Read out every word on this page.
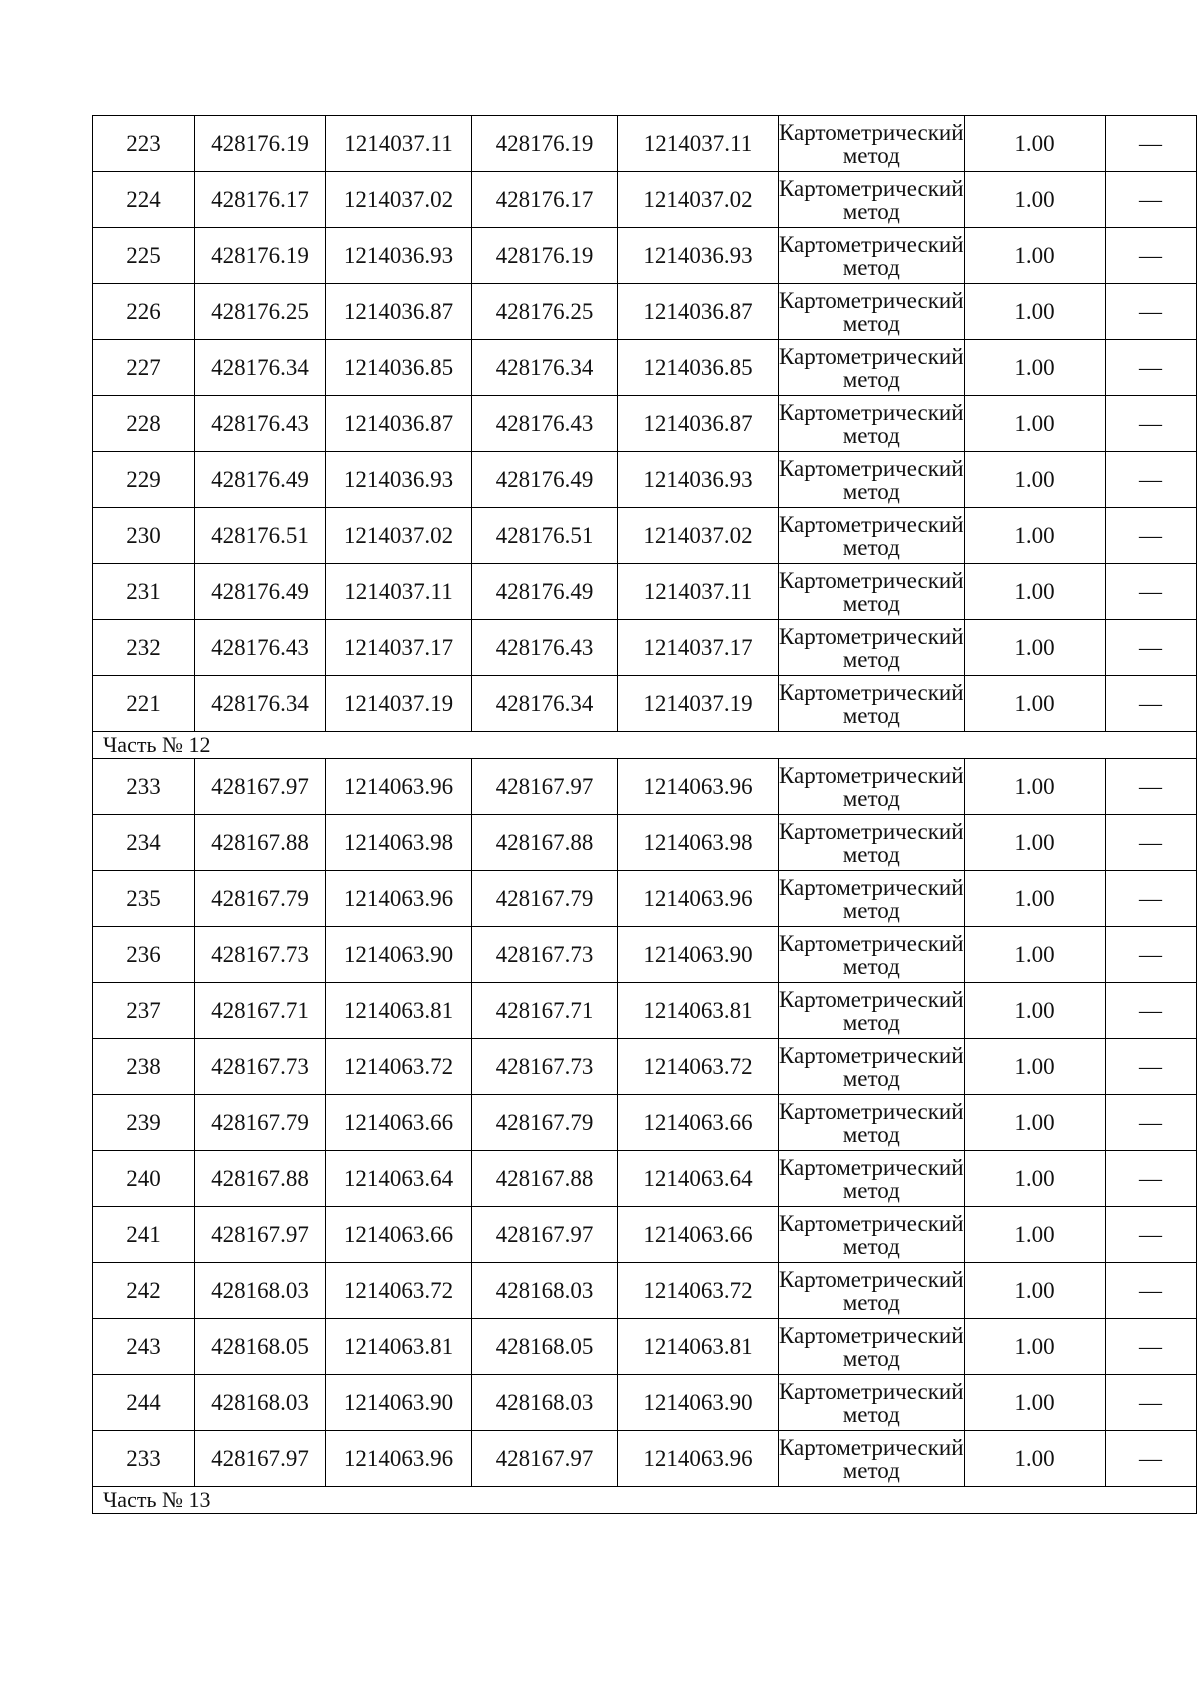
223	428176.19	1214037.11	428176.19	1214037.11	Картометрический метод	1.00	—
224	428176.17	1214037.02	428176.17	1214037.02	Картометрический метод	1.00	—
225	428176.19	1214036.93	428176.19	1214036.93	Картометрический метод	1.00	—
226	428176.25	1214036.87	428176.25	1214036.87	Картометрический метод	1.00	—
227	428176.34	1214036.85	428176.34	1214036.85	Картометрический метод	1.00	—
228	428176.43	1214036.87	428176.43	1214036.87	Картометрический метод	1.00	—
229	428176.49	1214036.93	428176.49	1214036.93	Картометрический метод	1.00	—
230	428176.51	1214037.02	428176.51	1214037.02	Картометрический метод	1.00	—
231	428176.49	1214037.11	428176.49	1214037.11	Картометрический метод	1.00	—
232	428176.43	1214037.17	428176.43	1214037.17	Картометрический метод	1.00	—
221	428176.34	1214037.19	428176.34	1214037.19	Картометрический метод	1.00	—
Часть № 12							
233	428167.97	1214063.96	428167.97	1214063.96	Картометрический метод	1.00	—
234	428167.88	1214063.98	428167.88	1214063.98	Картометрический метод	1.00	—
235	428167.79	1214063.96	428167.79	1214063.96	Картометрический метод	1.00	—
236	428167.73	1214063.90	428167.73	1214063.90	Картометрический метод	1.00	—
237	428167.71	1214063.81	428167.71	1214063.81	Картометрический метод	1.00	—
238	428167.73	1214063.72	428167.73	1214063.72	Картометрический метод	1.00	—
239	428167.79	1214063.66	428167.79	1214063.66	Картометрический метод	1.00	—
240	428167.88	1214063.64	428167.88	1214063.64	Картометрический метод	1.00	—
241	428167.97	1214063.66	428167.97	1214063.66	Картометрический метод	1.00	—
242	428168.03	1214063.72	428168.03	1214063.72	Картометрический метод	1.00	—
243	428168.05	1214063.81	428168.05	1214063.81	Картометрический метод	1.00	—
244	428168.03	1214063.90	428168.03	1214063.90	Картометрический метод	1.00	—
233	428167.97	1214063.96	428167.97	1214063.96	Картометрический метод	1.00	—
Часть № 13							
